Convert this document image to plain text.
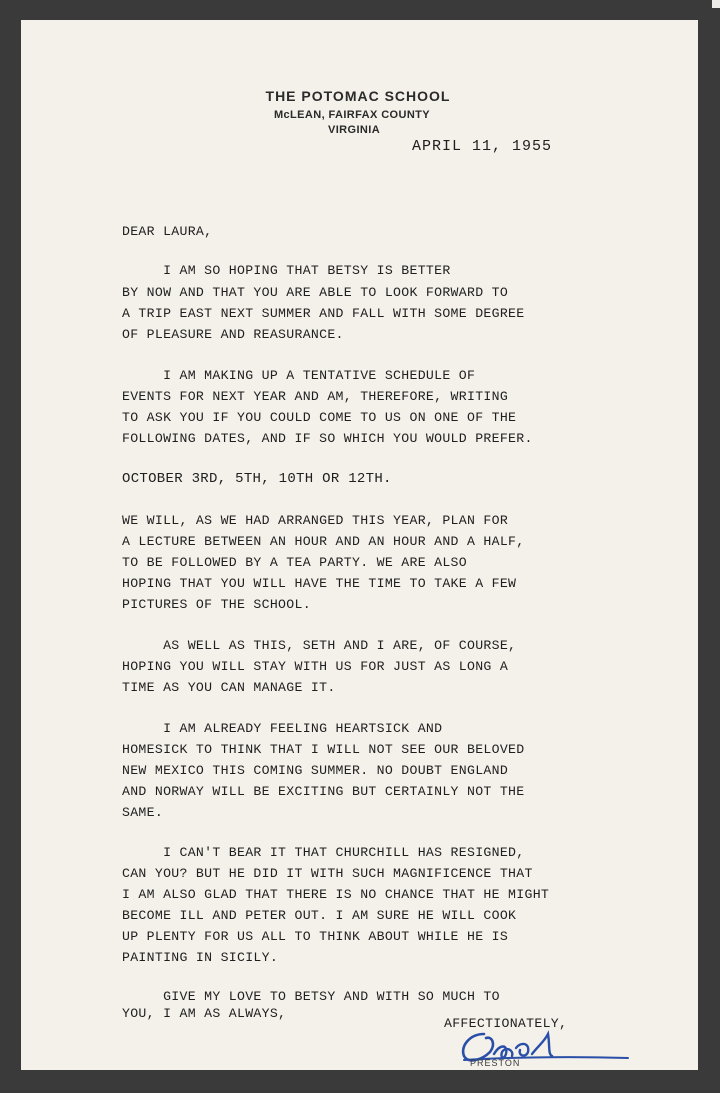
THE POTOMAC SCHOOL
McLEAN, FAIRFAX COUNTY
VIRGINIA
APRIL 11, 1955
DEAR LAURA,
I AM SO HOPING THAT BETSY IS BETTER
BY NOW AND THAT YOU ARE ABLE TO LOOK FORWARD TO
A TRIP EAST NEXT SUMMER AND FALL WITH SOME DEGREE
OF PLEASURE AND REASURANCE.
I AM MAKING UP A TENTATIVE SCHEDULE OF
EVENTS FOR NEXT YEAR AND AM, THEREFORE, WRITING
TO ASK YOU IF YOU COULD COME TO US ON ONE OF THE
FOLLOWING DATES, AND IF SO WHICH YOU WOULD PREFER.
OCTOBER 3RD, 5TH, 10TH OR 12TH.
WE WILL, AS WE HAD ARRANGED THIS YEAR, PLAN FOR
A LECTURE BETWEEN AN HOUR AND AN HOUR AND A HALF,
TO BE FOLLOWED BY A TEA PARTY. WE ARE ALSO
HOPING THAT YOU WILL HAVE THE TIME TO TAKE A FEW
PICTURES OF THE SCHOOL.
AS WELL AS THIS, SETH AND I ARE, OF COURSE,
HOPING YOU WILL STAY WITH US FOR JUST AS LONG A
TIME AS YOU CAN MANAGE IT.
I AM ALREADY FEELING HEARTSICK AND
HOMESICK TO THINK THAT I WILL NOT SEE OUR BELOVED
NEW MEXICO THIS COMING SUMMER. NO DOUBT ENGLAND
AND NORWAY WILL BE EXCITING BUT CERTAINLY NOT THE
SAME.
I CAN'T BEAR IT THAT CHURCHILL HAS RESIGNED,
CAN YOU? BUT HE DID IT WITH SUCH MAGNIFICENCE THAT
I AM ALSO GLAD THAT THERE IS NO CHANCE THAT HE MIGHT
BECOME ILL AND PETER OUT. I AM SURE HE WILL COOK
UP PLENTY FOR US ALL TO THINK ABOUT WHILE HE IS
PAINTING IN SICILY.
GIVE MY LOVE TO BETSY AND WITH SO MUCH TO
YOU, I AM AS ALWAYS,
AFFECTIONATELY,
PRESTON
